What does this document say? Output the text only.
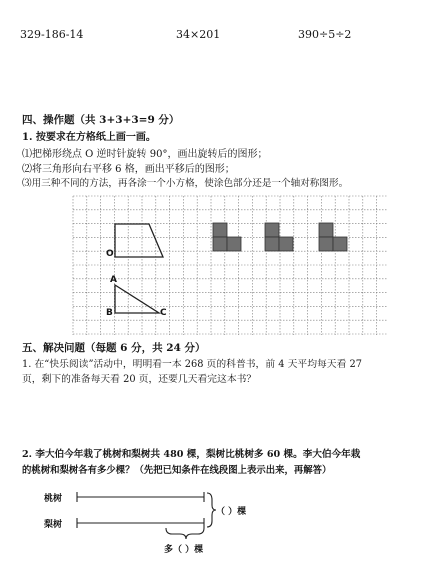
329-186-14	34×201	390÷5÷2
四、操作题（共 3+3+3=9 分）
1. 按要求在方格纸上画一画。
⑴把梯形绕点 O 逆时针旋转 90°，画出旋转后的图形；
⑵将三角形向右平移 6 格，画出平移后的图形；
⑶用三种不同的方法，再各涂一个小方格，使涂色部分还是一个轴对称图形。
O
A
B	C
五、解决问题（每题 6 分，共 24 分）
1. 在“快乐阅读”活动中，明明看一本 268 页的科普书，前 4 天平均每天看 27
页，剩下的准备每天看 20 页，还要几天看完这本书？
2. 李大伯今年栽了桃树和梨树共 480 棵，梨树比桃树多 60 棵。李大伯今年栽
的桃树和梨树各有多少棵？（先把已知条件在线段图上表示出来，再解答）
桃树
梨树
（ ）棵
多（ ）棵
